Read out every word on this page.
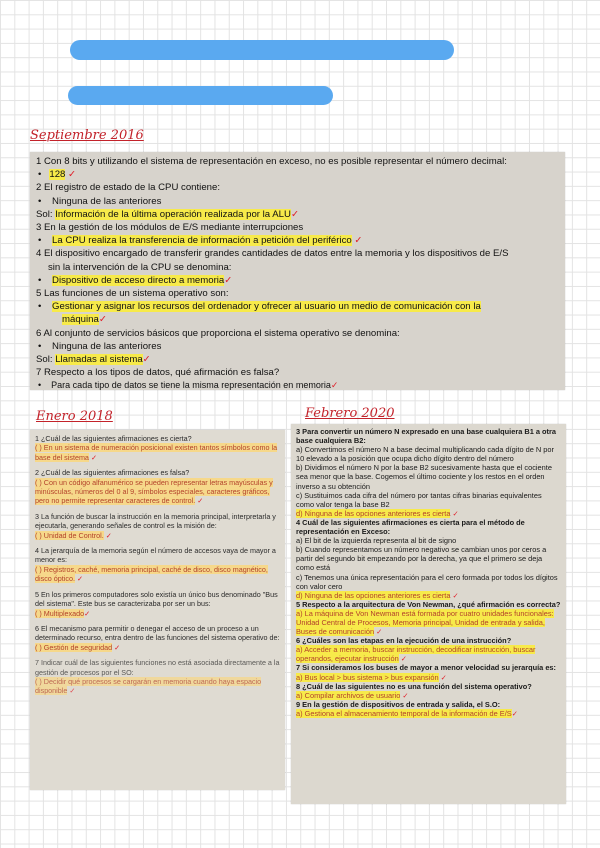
Septiembre 2016
1 Con 8 bits y utilizando el sistema de representación en exceso, no es posible representar el número decimal:
• 128 ✓
2 El registro de estado de la CPU contiene:
• Ninguna de las anteriores
Sol: Información de la última operación realizada por la ALU✓
3 En la gestión de los módulos de E/S mediante interrupciones
• La CPU realiza la transferencia de información a petición del periférico ✓
4 El dispositivo encargado de transferir grandes cantidades de datos entre la memoria y los dispositivos de E/S
sin la intervención de la CPU se denomina:
• Dispositivo de acceso directo a memoria✓
5 Las funciones de un sistema operativo son:
• Gestionar y asignar los recursos del ordenador y ofrecer al usuario un medio de comunicación con la
máquina✓
6 Al conjunto de servicios básicos que proporciona el sistema operativo se denomina:
• Ninguna de las anteriores
Sol: Llamadas al sistema✓
7 Respecto a los tipos de datos, qué afirmación es falsa?
• Para cada tipo de datos se tiene la misma representación en memoria✓
Enero 2018
1 ¿Cuál de las siguientes afirmaciones es cierta?
( ) En un sistema de numeración posicional existen tantos símbolos como la base del sistema ✓
2 ¿Cuál de las siguientes afirmaciones es falsa?
( ) Con un código alfanumérico se pueden representar letras mayúsculas y minúsculas, números del 0 al 9, símbolos especiales, caracteres gráficos, pero no permite representar caracteres de control. ✓
3 La función de buscar la instrucción en la memoria principal, interpretarla y ejecutarla, generando señales de control es la misión de:
( ) Unidad de Control. ✓
4 La jerarquía de la memoria según el número de accesos vaya de mayor a menor es:
( ) Registros, caché, memoria principal, caché de disco, disco magnético, disco óptico. ✓
5 En los primeros computadores solo existía un único bus denominado "Bus del sistema". Este bus se caracterizaba por ser un bus:
( ) Multiplexado✓
6 El mecanismo para permitir o denegar el acceso de un proceso a un determinado recurso, entra dentro de las funciones del sistema operativo de:
( ) Gestión de seguridad ✓
7 Indicar cuál de las siguientes funciones no está asociada directamente a la gestión de procesos por el SO:
( ) Decidir qué procesos se cargarán en memoria cuando haya espacio disponible ✓
Febrero 2020
3 Para convertir un número N expresado en una base cualquiera B1 a otra base cualquiera B2:
a) Convertimos el número N a base decimal multiplicando cada dígito de N por 10 elevado a la posición que ocupa dicho dígito dentro del número
b) Dividimos el número N por la base B2 sucesivamente hasta que el cociente sea menor que la base. Cogemos el último cociente y los restos en el orden inverso a su obtención
c) Sustituimos cada cifra del número por tantas cifras binarias equivalentes como valor tenga la base B2
d) Ninguna de las opciones anteriores es cierta ✓
4 Cuál de las siguientes afirmaciones es cierta para el método de representación en Exceso:
a) El bit de la izquierda representa al bit de signo
b) Cuando representamos un número negativo se cambian unos por ceros a partir del segundo bit empezando por la derecha, ya que el primero se deja como está
c) Tenemos una única representación para el cero formada por todos los dígitos con valor cero
d) Ninguna de las opciones anteriores es cierta ✓
5 Respecto a la arquitectura de Von Newman, ¿qué afirmación es correcta?
a) La máquina de Von Newman está formada por cuatro unidades funcionales: Unidad Central de Procesos, Memoria principal, Unidad de entrada y salida, Buses de comunicación ✓
6 ¿Cuáles son las etapas en la ejecución de una instrucción?
a) Acceder a memoria, buscar instrucción, decodificar instrucción, buscar operandos, ejecutar instrucción ✓
7 Si consideramos los buses de mayor a menor velocidad su jerarquía es:
a) Bus local > bus sistema > bus expansión ✓
8 ¿Cuál de las siguientes no es una función del sistema operativo?
a) Compilar archivos de usuario ✓
9 En la gestión de dispositivos de entrada y salida, el S.O:
a) Gestiona el almacenamiento temporal de la información de E/S✓
